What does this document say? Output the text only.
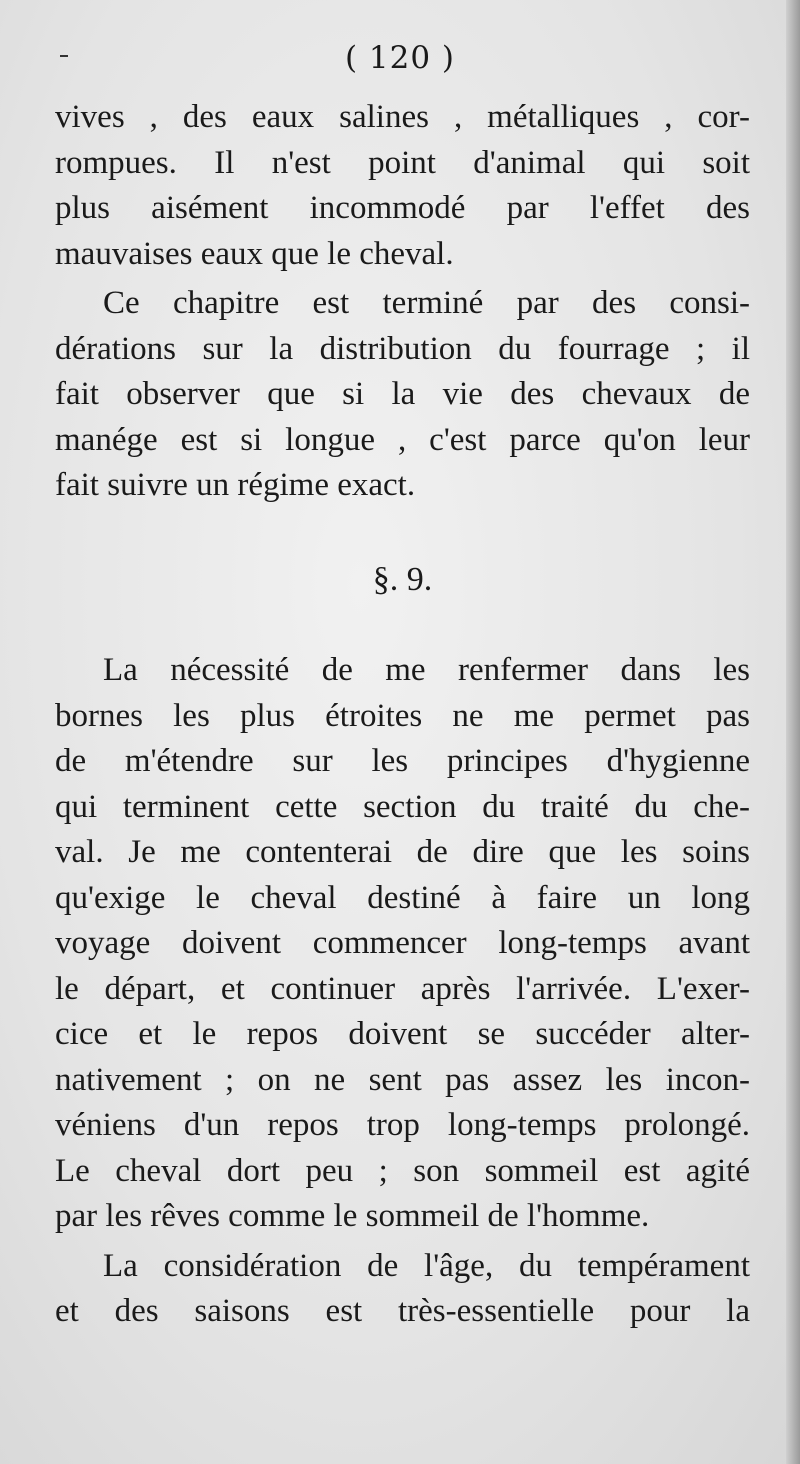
( 120 )
vives , des eaux salines , métalliques , cor-
rompues. Il n'est point d'animal qui soit
plus aisément incommodé par l'effet des
mauvaises eaux que le cheval.
Ce chapitre est terminé par des consi-
dérations sur la distribution du fourrage ; il
fait observer que si la vie des chevaux de
manége est si longue , c'est parce qu'on leur
fait suivre un régime exact.
§. 9.
La nécessité de me renfermer dans les
bornes les plus étroites ne me permet pas
de m'étendre sur les principes d'hygienne
qui terminent cette section du traité du che-
val. Je me contenterai de dire que les soins
qu'exige le cheval destiné à faire un long
voyage doivent commencer long-temps avant
le départ, et continuer après l'arrivée. L'exer-
cice et le repos doivent se succéder alter-
nativement ; on ne sent pas assez les incon-
véniens d'un repos trop long-temps prolongé.
Le cheval dort peu ; son sommeil est agité
par les rêves comme le sommeil de l'homme.
La considération de l'âge, du tempérament
et des saisons est très-essentielle pour la
